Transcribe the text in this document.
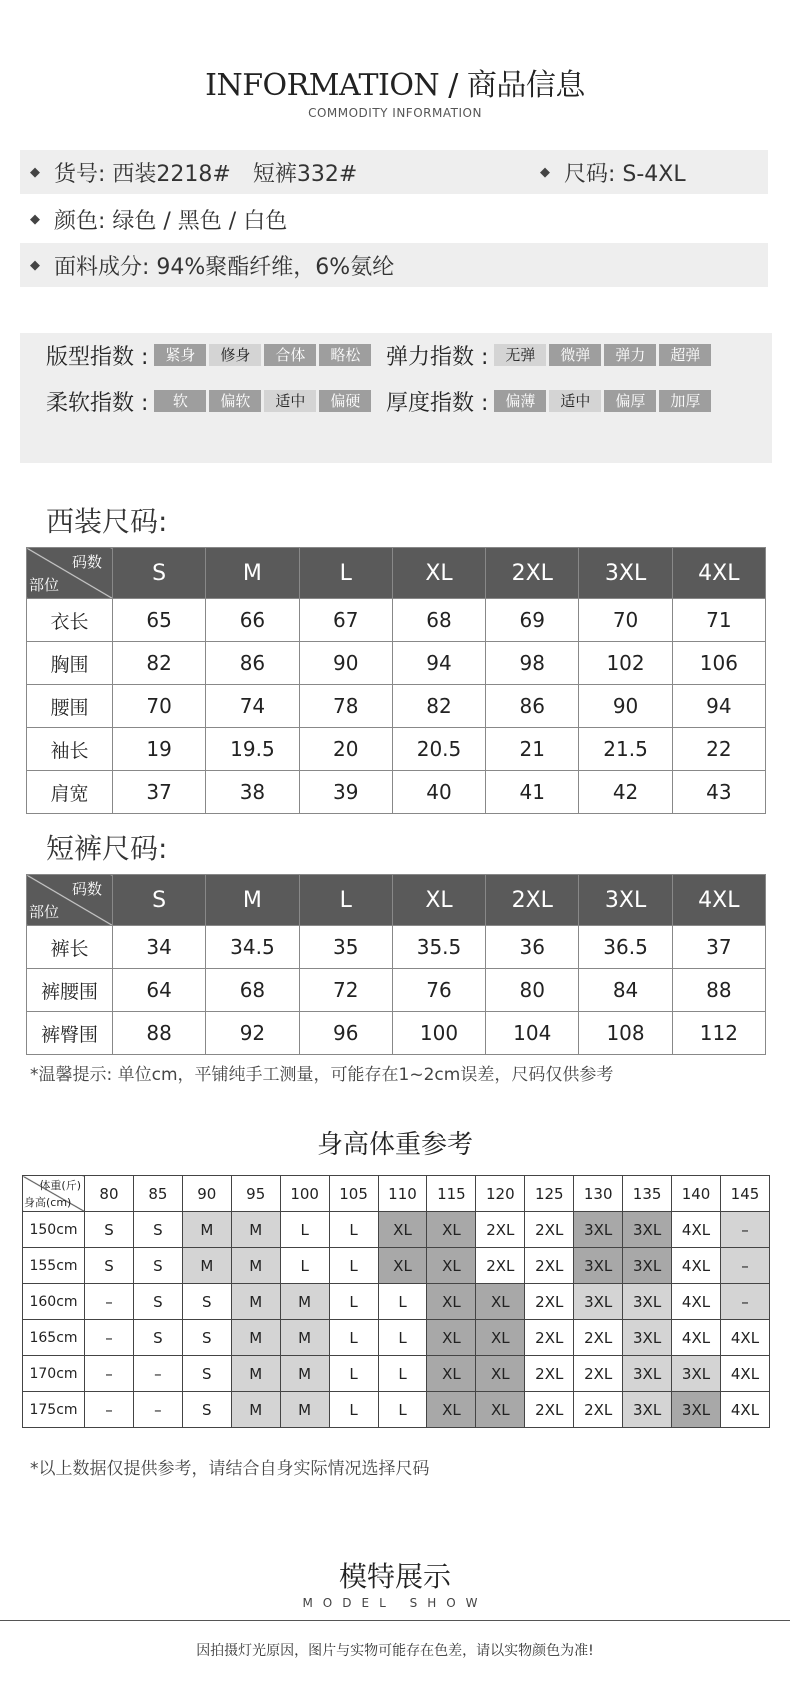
INFORMATION / 商品信息
COMMODITY INFORMATION
◆ 货号: 西装2218#　短裤332#	◆ 尺码: S-4XL
◆ 颜色: 绿色 / 黑色 / 白色
◆ 面料成分: 94%聚酯纤维，6%氨纶
版型指数 :	紧身	修身	合体	略松	弹力指数 :	无弹	微弹	弹力	超弹
柔软指数 :	软	偏软	适中	偏硬	厚度指数 :	偏薄	适中	偏厚	加厚
西装尺码:
码数
部位	S	M	L	XL	2XL	3XL	4XL
衣长	65	66	67	68	69	70	71
胸围	82	86	90	94	98	102	106
腰围	70	74	78	82	86	90	94
袖长	19	19.5	20	20.5	21	21.5	22
肩宽	37	38	39	40	41	42	43
短裤尺码:
码数
部位	S	M	L	XL	2XL	3XL	4XL
裤长	34	34.5	35	35.5	36	36.5	37
裤腰围	64	68	72	76	80	84	88
裤臀围	88	92	96	100	104	108	112
*温馨提示: 单位cm，平铺纯手工测量，可能存在1~2cm误差，尺码仅供参考
身高体重参考
体重(斤)
身高(cm)	80	85	90	95	100	105	110	115	120	125	130	135	140	145
150cm	S	S	M	M	L	L	XL	XL	2XL	2XL	3XL	3XL	4XL	–
155cm	S	S	M	M	L	L	XL	XL	2XL	2XL	3XL	3XL	4XL	–
160cm	–	S	S	M	M	L	L	XL	XL	2XL	3XL	3XL	4XL	–
165cm	–	S	S	M	M	L	L	XL	XL	2XL	2XL	3XL	4XL	4XL
170cm	–	–	S	M	M	L	L	XL	XL	2XL	2XL	3XL	3XL	4XL
175cm	–	–	S	M	M	L	L	XL	XL	2XL	2XL	3XL	3XL	4XL
*以上数据仅提供参考，请结合自身实际情况选择尺码
模特展示
MODEL SHOW
因拍摄灯光原因，图片与实物可能存在色差，请以实物颜色为准!
